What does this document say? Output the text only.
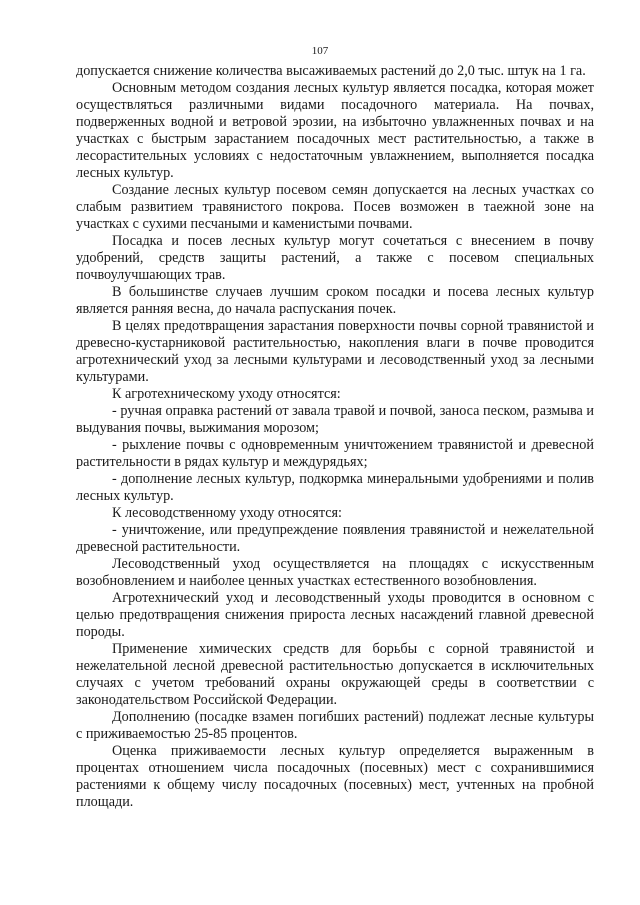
107

допускается снижение количества высаживаемых растений до 2,0 тыс. штук на 1 га.

Основным методом создания лесных культур является посадка, которая может осуществляться различными видами посадочного материала. На почвах, подверженных водной и ветровой эрозии, на избыточно увлажненных почвах и на участках с быстрым зарастанием посадочных мест растительностью, а также в лесорастительных условиях с недостаточным увлажнением, выполняется посадка лесных культур.

Создание лесных культур посевом семян допускается на лесных участках со слабым развитием травянистого покрова. Посев возможен в таежной зоне на участках с сухими песчаными и каменистыми почвами.

Посадка и посев лесных культур могут сочетаться с внесением в почву удобрений, средств защиты растений, а также с посевом специальных почвоулучшающих трав.

В большинстве случаев лучшим сроком посадки и посева лесных культур является ранняя весна, до начала распускания почек.

В целях предотвращения зарастания поверхности почвы сорной травянистой и древесно-кустарниковой растительностью, накопления влаги в почве проводится агротехнический уход за лесными культурами и лесоводственный уход за лесными культурами.

К агротехническому уходу относятся:

- ручная оправка растений от завала травой и почвой, заноса песком, размыва и выдувания почвы, выжимания морозом;

- рыхление почвы с одновременным уничтожением травянистой и древесной растительности в рядах культур и междурядьях;

- дополнение лесных культур, подкормка минеральными удобрениями и полив лесных культур.

К лесоводственному уходу относятся:

- уничтожение, или предупреждение появления травянистой и нежелательной древесной растительности.

Лесоводственный уход осуществляется на площадях с искусственным возобновлением и наиболее ценных участках естественного возобновления.

Агротехнический уход и лесоводственный уходы проводится в основном с целью предотвращения снижения прироста лесных насаждений главной древесной породы.

Применение химических средств для борьбы с сорной травянистой и нежелательной лесной древесной растительностью допускается в исключительных случаях с учетом требований охраны окружающей среды в соответствии с законодательством Российской Федерации.

Дополнению (посадке взамен погибших растений) подлежат лесные культуры с приживаемостью 25-85 процентов.

Оценка приживаемости лесных культур определяется выраженным в процентах отношением числа посадочных (посевных) мест с сохранившимися растениями к общему числу посадочных (посевных) мест, учтенных на пробной площади.
